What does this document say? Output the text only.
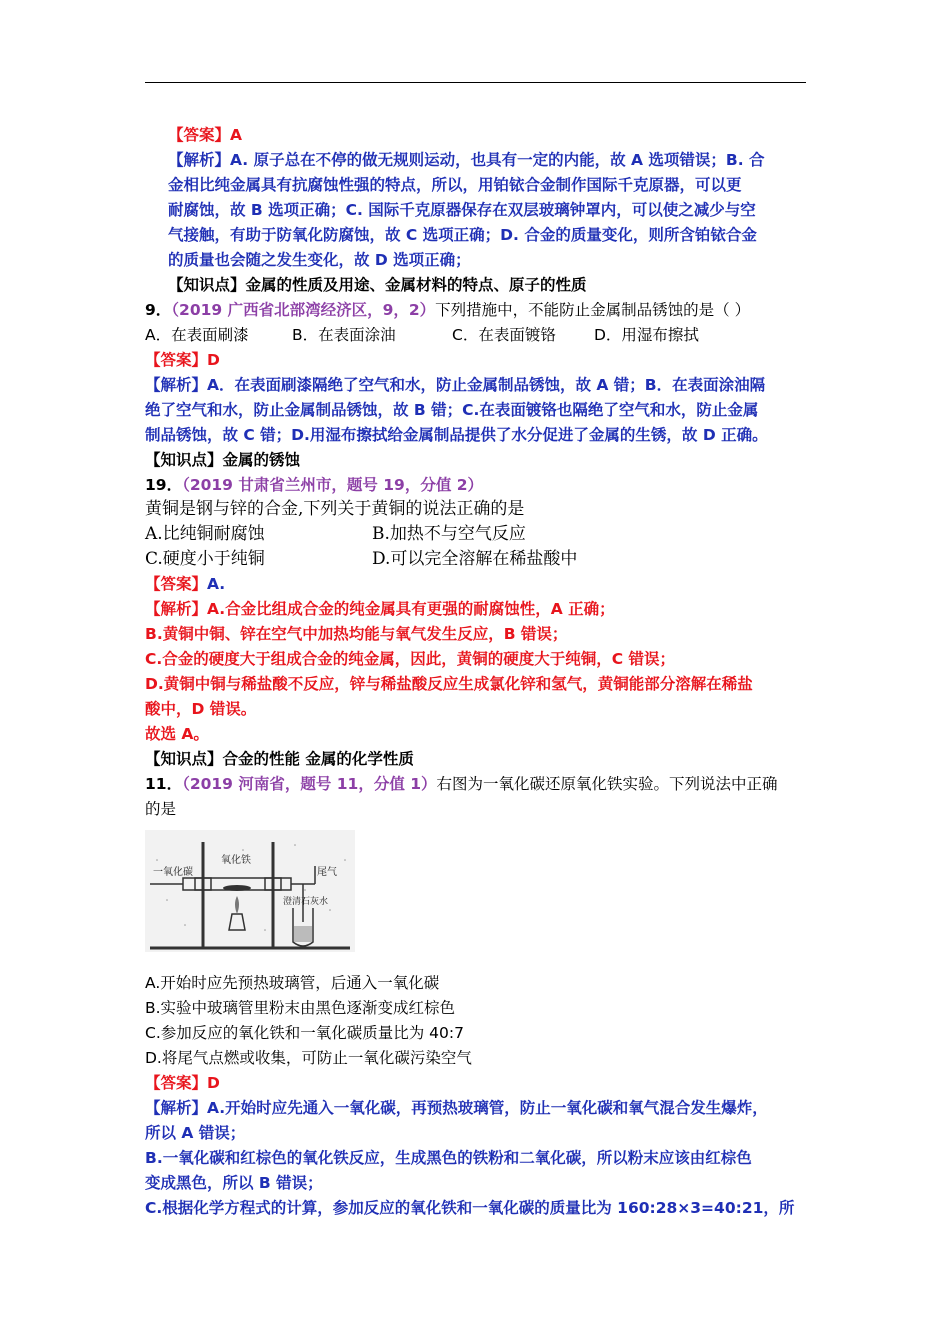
【答案】A
【解析】A. 原子总在不停的做无规则运动，也具有一定的内能，故 A 选项错误；B. 合
金相比纯金属具有抗腐蚀性强的特点，所以，用铂铱合金制作国际千克原器，可以更
耐腐蚀，故 B 选项正确；C. 国际千克原器保存在双层玻璃钟罩内，可以使之减少与空
气接触，有助于防氧化防腐蚀，故 C 选项正确；D. 合金的质量变化，则所含铂铱合金
的质量也会随之发生变化，故 D 选项正确；
【知识点】金属的性质及用途、金属材料的特点、原子的性质
9．（2019 广西省北部湾经济区，9，2）下列措施中，不能防止金属制品锈蚀的是（ ）
A．在表面刷漆	B．在表面涂油	C．在表面镀铬 D．用湿布擦拭
【答案】D
【解析】A．在表面刷漆隔绝了空气和水，防止金属制品锈蚀，故 A 错；B．在表面涂油隔
绝了空气和水，防止金属制品锈蚀，故 B 错；C.在表面镀铬也隔绝了空气和水，防止金属
制品锈蚀，故 C 错；D.用湿布擦拭给金属制品提供了水分促进了金属的生锈，故 D 正确。
【知识点】金属的锈蚀
19．（2019 甘肃省兰州市，题号 19，分值 2）
黄铜是钢与锌的合金,下列关于黄铜的说法正确的是
A.比纯铜耐腐蚀	B.加热不与空气反应
C.硬度小于纯铜	D.可以完全溶解在稀盐酸中
【答案】A.
【解析】A.合金比组成合金的纯金属具有更强的耐腐蚀性，A 正确；
B.黄铜中铜、锌在空气中加热均能与氧气发生反应，B 错误；
C.合金的硬度大于组成合金的纯金属，因此，黄铜的硬度大于纯铜，C 错误；
D.黄铜中铜与稀盐酸不反应，锌与稀盐酸反应生成氯化锌和氢气，黄铜能部分溶解在稀盐
酸中，D 错误。
故选 A。
【知识点】合金的性能 金属的化学性质
11．（2019 河南省，题号 11，分值 1）右图为一氧化碳还原氧化铁实验。下列说法中正确
的是
一氧化碳
氧化铁
尾气
澄清石灰水
A.开始时应先预热玻璃管，后通入一氧化碳
B.实验中玻璃管里粉末由黑色逐渐变成红棕色
C.参加反应的氧化铁和一氧化碳质量比为 40:7
D.将尾气点燃或收集，可防止一氧化碳污染空气
【答案】D
【解析】A.开始时应先通入一氧化碳，再预热玻璃管，防止一氧化碳和氧气混合发生爆炸，
所以 A 错误；
B.一氧化碳和红棕色的氧化铁反应，生成黑色的铁粉和二氧化碳，所以粉末应该由红棕色
变成黑色，所以 B 错误；
C.根据化学方程式的计算，参加反应的氧化铁和一氧化碳的质量比为 160:28×3=40:21，所
